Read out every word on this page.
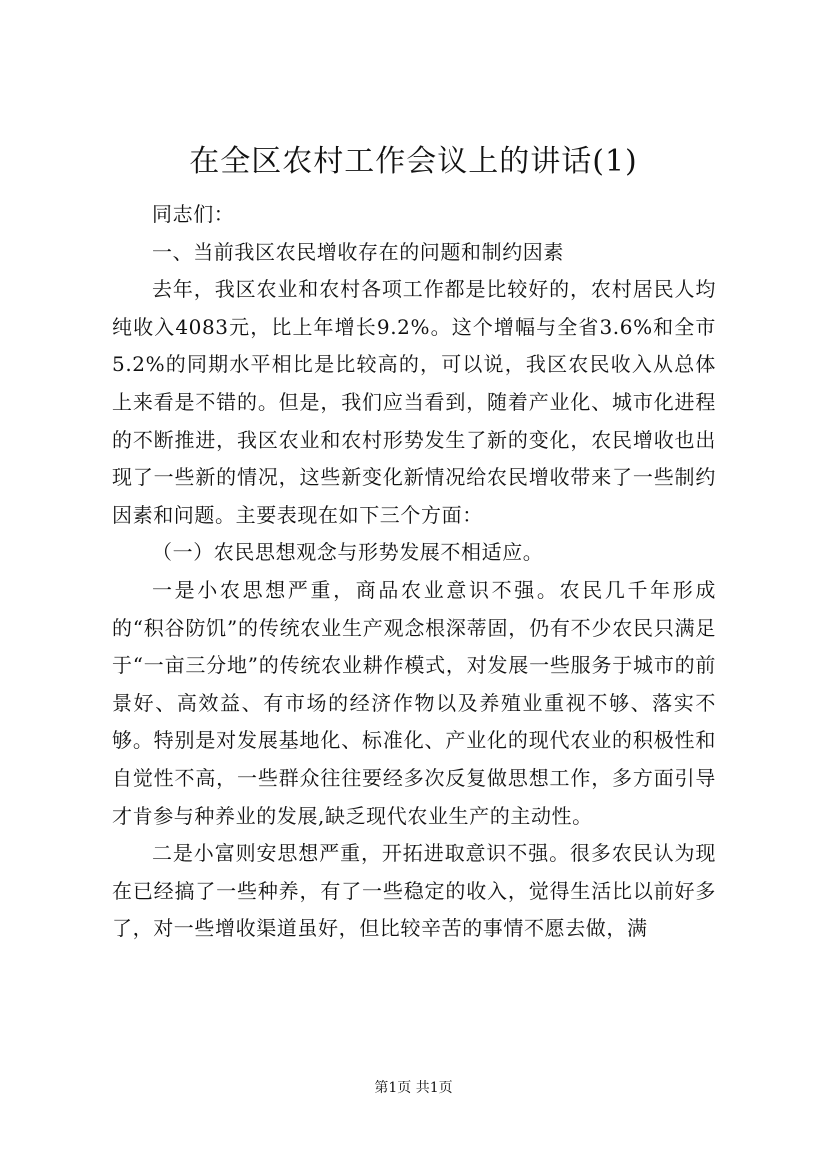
在全区农村工作会议上的讲话(1)

同志们：

一、当前我区农民增收存在的问题和制约因素

去年，我区农业和农村各项工作都是比较好的，农村居民人均纯收入4083元，比上年增长9.2%。这个增幅与全省3.6%和全市5.2%的同期水平相比是比较高的，可以说，我区农民收入从总体上来看是不错的。但是，我们应当看到，随着产业化、城市化进程的不断推进，我区农业和农村形势发生了新的变化，农民增收也出现了一些新的情况，这些新变化新情况给农民增收带来了一些制约因素和问题。主要表现在如下三个方面：

（一）农民思想观念与形势发展不相适应。

一是小农思想严重，商品农业意识不强。农民几千年形成的“积谷防饥”的传统农业生产观念根深蒂固，仍有不少农民只满足于“一亩三分地”的传统农业耕作模式，对发展一些服务于城市的前景好、高效益、有市场的经济作物以及养殖业重视不够、落实不够。特别是对发展基地化、标准化、产业化的现代农业的积极性和自觉性不高，一些群众往往要经多次反复做思想工作，多方面引导才肯参与种养业的发展,缺乏现代农业生产的主动性。

二是小富则安思想严重，开拓进取意识不强。很多农民认为现在已经搞了一些种养，有了一些稳定的收入，觉得生活比以前好多了，对一些增收渠道虽好，但比较辛苦的事情不愿去做，满

第1页 共1页
